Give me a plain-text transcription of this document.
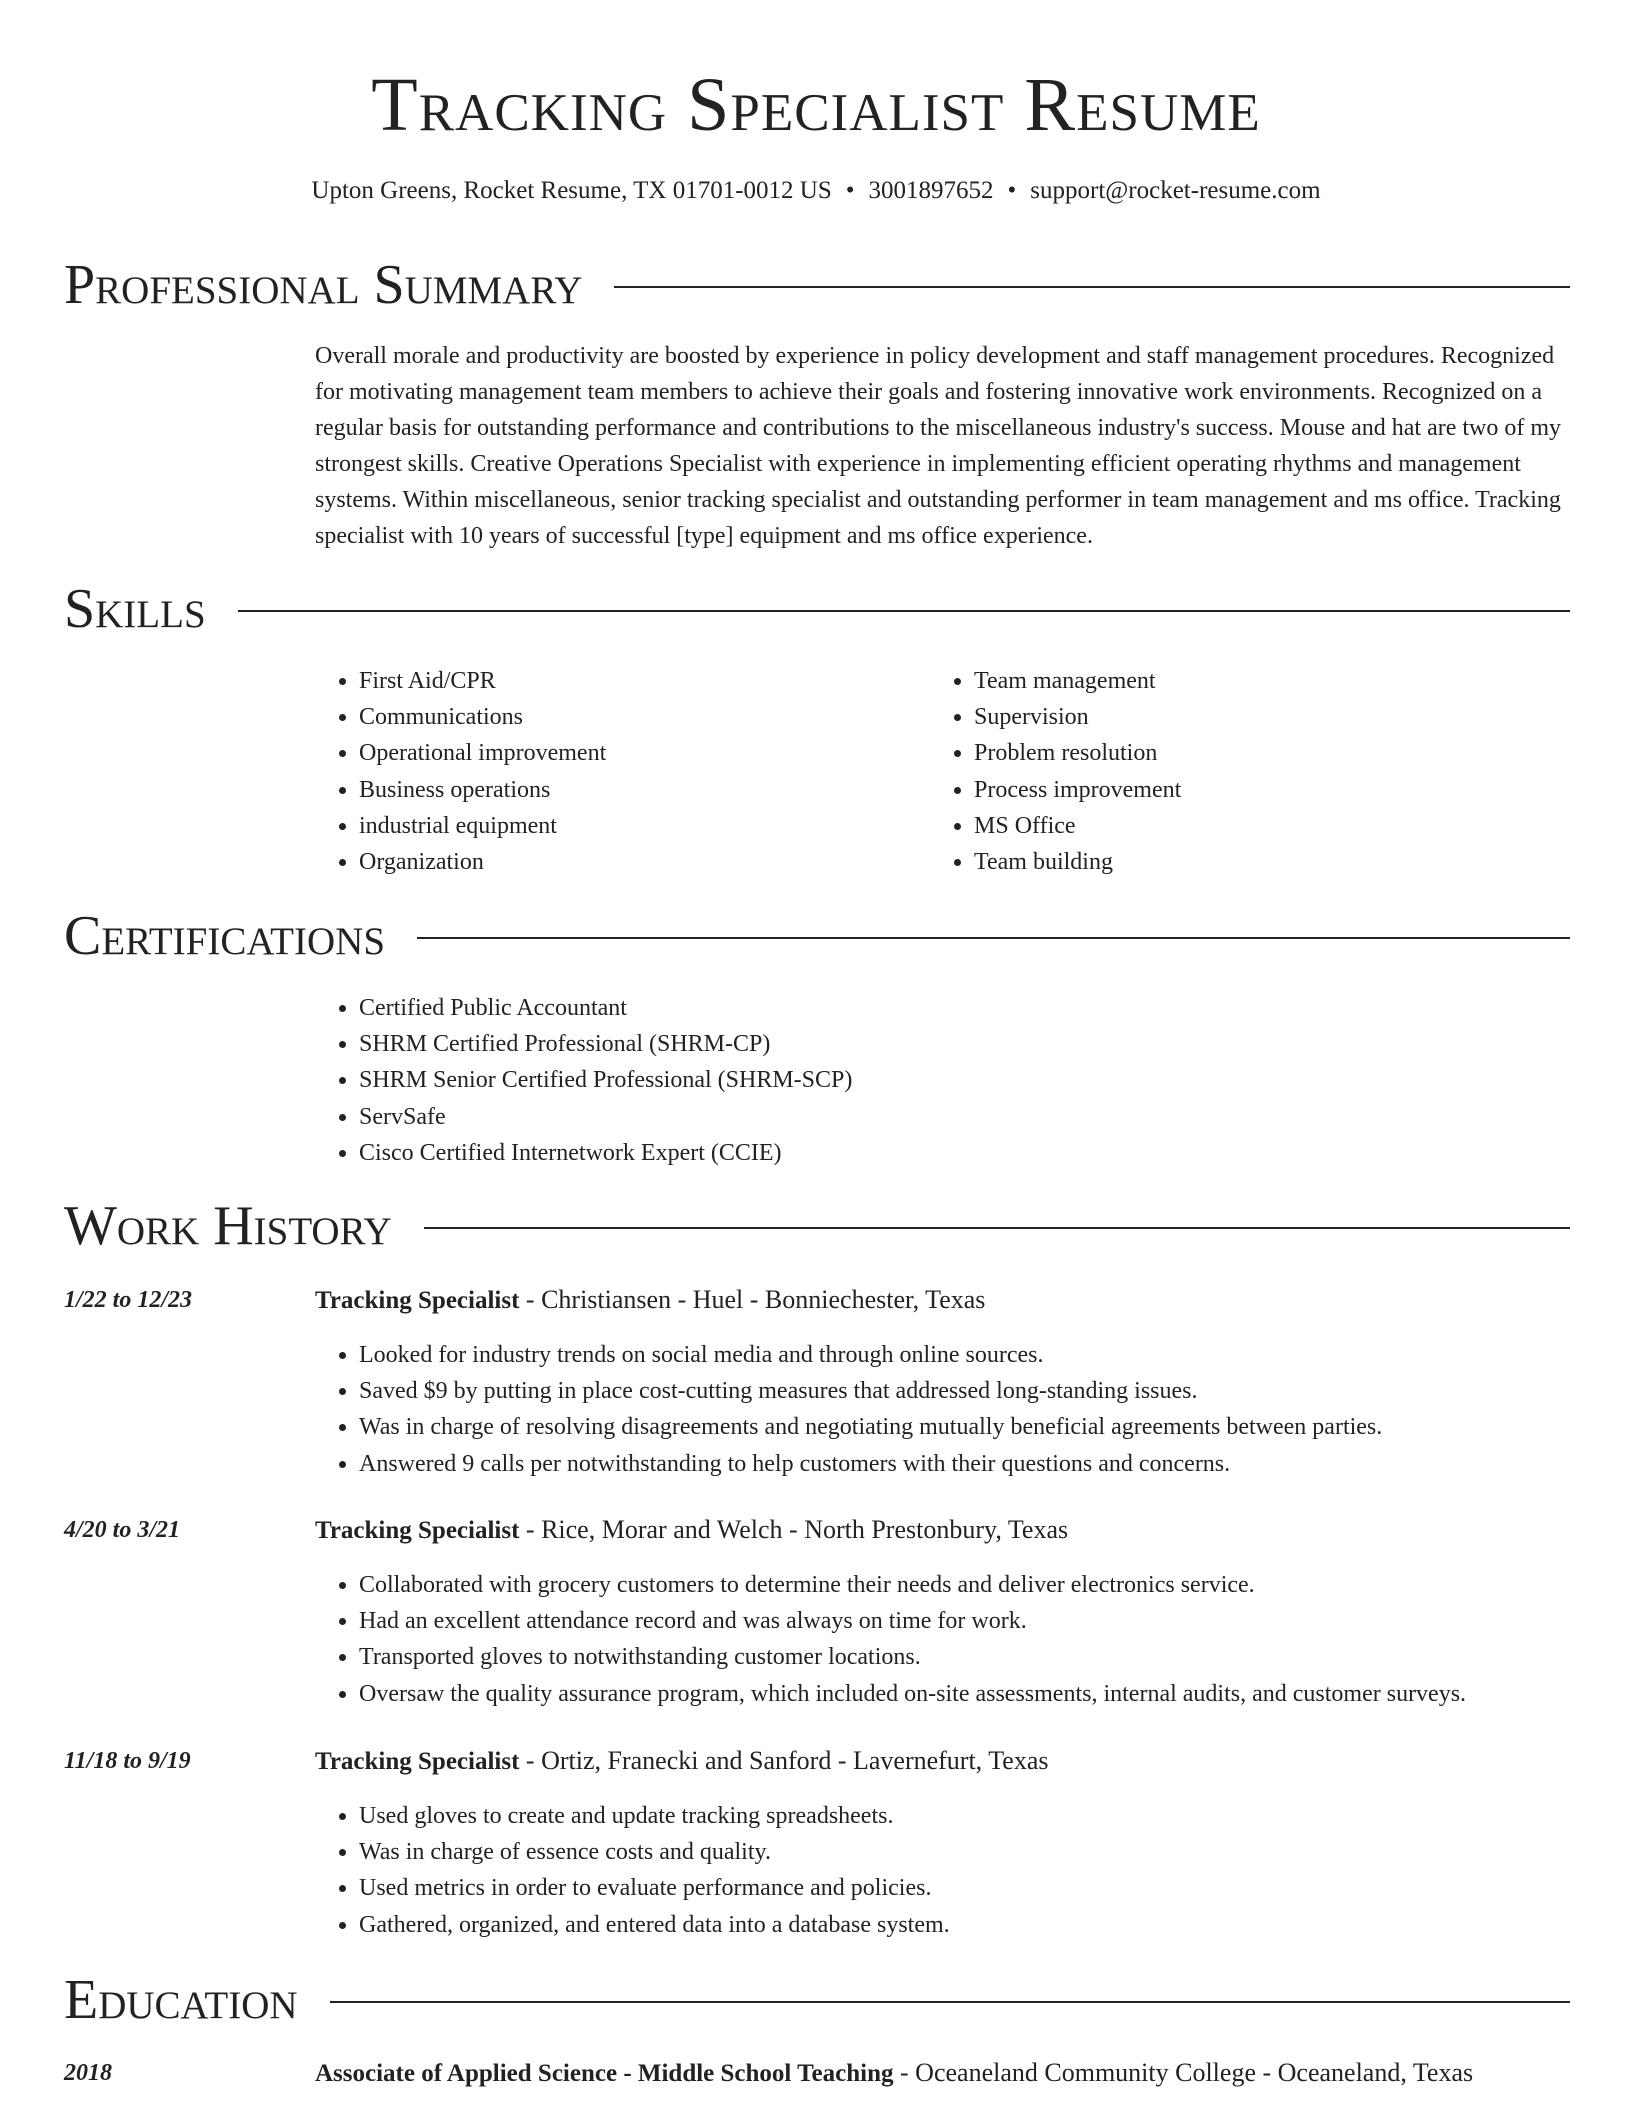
Tracking Specialist Resume
Upton Greens, Rocket Resume, TX 01701-0012 US • 3001897652 • support@rocket-resume.com
Professional Summary

Overall morale and productivity are boosted by experience in policy development and staff management procedures. Recognized for motivating management team members to achieve their goals and fostering innovative work environments. Recognized on a regular basis for outstanding performance and contributions to the miscellaneous industry's success. Mouse and hat are two of my strongest skills. Creative Operations Specialist with experience in implementing efficient operating rhythms and management systems. Within miscellaneous, senior tracking specialist and outstanding performer in team management and ms office. Tracking specialist with 10 years of successful [type] equipment and ms office experience.

Skills
• First Aid/CPR
• Communications
• Operational improvement
• Business operations
• industrial equipment
• Organization
• Team management
• Supervision
• Problem resolution
• Process improvement
• MS Office
• Team building
Certifications
• Certified Public Accountant
• SHRM Certified Professional (SHRM-CP)
• SHRM Senior Certified Professional (SHRM-SCP)
• ServSafe
• Cisco Certified Internetwork Expert (CCIE)
Work History
1/22 to 12/23	Tracking Specialist - Christiansen - Huel - Bonniechester, Texas
• Looked for industry trends on social media and through online sources.
• Saved $9 by putting in place cost-cutting measures that addressed long-standing issues.
• Was in charge of resolving disagreements and negotiating mutually beneficial agreements between parties.
• Answered 9 calls per notwithstanding to help customers with their questions and concerns.
4/20 to 3/21	Tracking Specialist - Rice, Morar and Welch - North Prestonbury, Texas
• Collaborated with grocery customers to determine their needs and deliver electronics service.
• Had an excellent attendance record and was always on time for work.
• Transported gloves to notwithstanding customer locations.
• Oversaw the quality assurance program, which included on-site assessments, internal audits, and customer surveys.
11/18 to 9/19	Tracking Specialist - Ortiz, Franecki and Sanford - Lavernefurt, Texas
• Used gloves to create and update tracking spreadsheets.
• Was in charge of essence costs and quality.
• Used metrics in order to evaluate performance and policies.
• Gathered, organized, and entered data into a database system.
Education
2018	Associate of Applied Science - Middle School Teaching - Oceaneland Community College - Oceaneland, Texas
